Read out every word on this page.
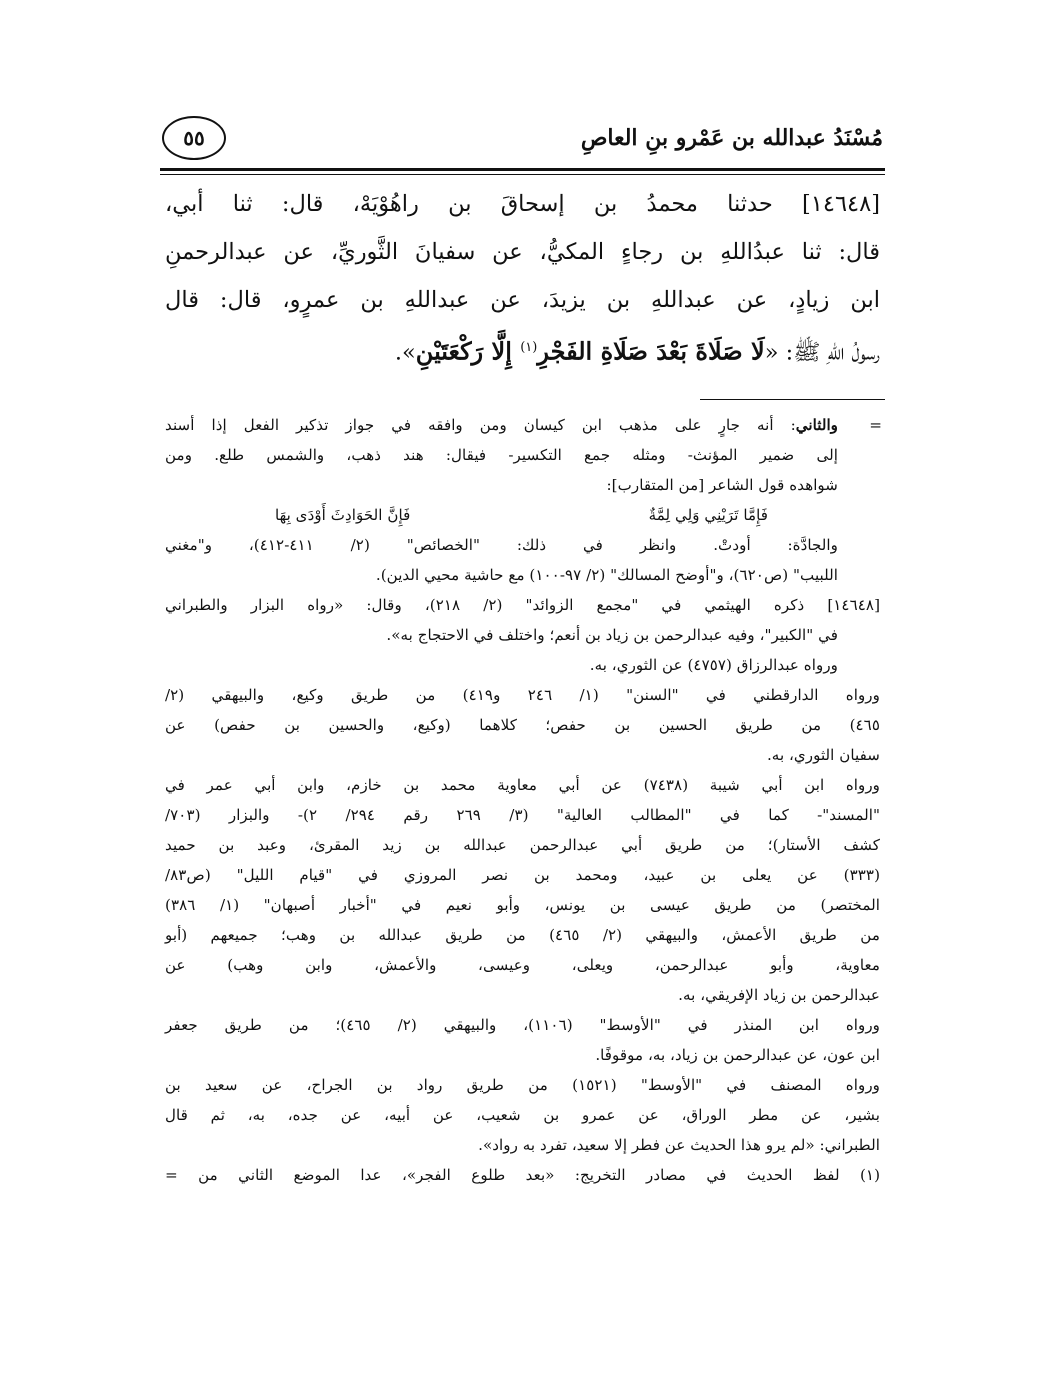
مُسْنَدُ عبدالله بن عَمْرو بنِ العاصِ
٥٥
[١٤٦٤٨] حدثنا محمدُ بن إسحاقَ بن راهُوْيَهْ، قال: ثنا أبي،
قال: ثنا عبدُاللهِ بن رجاءٍ المكيُّ، عن سفيانَ الثَّوريِّ، عن عبدالرحمنِ
ابن زيادٍ، عن عبداللهِ بن يزيدَ، عن عبداللهِ بن عمرٍو، قال: قال
رسولُ اللهِ ﷺ: «لَا صَلَاةَ بَعْدَ صَلَاةِ الفَجْرِ$^{(١)}$ إِلَّا رَكْعَتَيْنِ».
=
والثاني: أنه جارٍ على مذهب ابن كيسان ومن وافقه في جواز تذكير الفعل إذا أسند
إلى ضمير المؤنث- ومثله جمع التكسير- فيقال: هند ذهب، والشمس طلع. ومن
شواهده قول الشاعر [من المتقارب]:
فَإِمَّا تَرَيْنِي وَلِي لِمَّةٌ
فَإِنَّ الحَوَادِثَ أَوْدَى بِهَا
والجادَّة: أودتْ. وانظر في ذلك: "الخصائص" (٢/ ٤١١-٤١٢)، و"مغني
اللبيب" (ص٦٢٠)، و"أوضح المسالك" (٢/ ٩٧-١٠٠) مع حاشية محيي الدين).
[١٤٦٤٨] ذكره الهيثمي في "مجمع الزوائد" (٢/ ٢١٨)، وقال: «رواه البزار والطبراني
في "الكبير"، وفيه عبدالرحمن بن زياد بن أنعم؛ واختلف في الاحتجاج به».
ورواه عبدالرزاق (٤٧٥٧) عن الثوري، به.
ورواه الدارقطني في "السنن" (١/ ٢٤٦ و٤١٩) من طريق وكيع، والبيهقي (٢/
٤٦٥) من طريق الحسين بن حفص؛ كلاهما (وكيع، والحسين بن حفص) عن
سفيان الثوري، به.
ورواه ابن أبي شيبة (٧٤٣٨) عن أبي معاوية محمد بن خازم، وابن أبي عمر في
"المسند"- كما في "المطالب العالية" (٣/ ٢٦٩ رقم ٢٩٤/ ٢)- والبزار (٧٠٣/
كشف الأستار)؛ من طريق أبي عبدالرحمن عبدالله بن زيد المقرئ، وعبد بن حميد
(٣٣٣) عن يعلى بن عبيد، ومحمد بن نصر المروزي في "قيام الليل" (ص٨٣/
المختصر) من طريق عيسى بن يونس، وأبو نعيم في "أخبار أصبهان" (١/ ٣٨٦)
من طريق الأعمش، والبيهقي (٢/ ٤٦٥) من طريق عبدالله بن وهب؛ جميعهم (أبو
معاوية، وأبو عبدالرحمن، ويعلى، وعيسى، والأعمش، وابن وهب) عن
عبدالرحمن بن زياد الإفريقي، به.
ورواه ابن المنذر في "الأوسط" (١١٠٦)، والبيهقي (٢/ ٤٦٥)؛ من طريق جعفر
ابن عون، عن عبدالرحمن بن زياد، به، موقوفًا.
ورواه المصنف في "الأوسط" (١٥٢١) من طريق رواد بن الجراح، عن سعيد بن
بشير، عن مطر الوراق، عن عمرو بن شعيب، عن أبيه، عن جده، به، ثم قال
الطبراني: «لم يرو هذا الحديث عن فطر إلا سعيد، تفرد به رواد».
(١) لفظ الحديث في مصادر التخريج: «بعد طلوع الفجر»، عدا الموضع الثاني من =
